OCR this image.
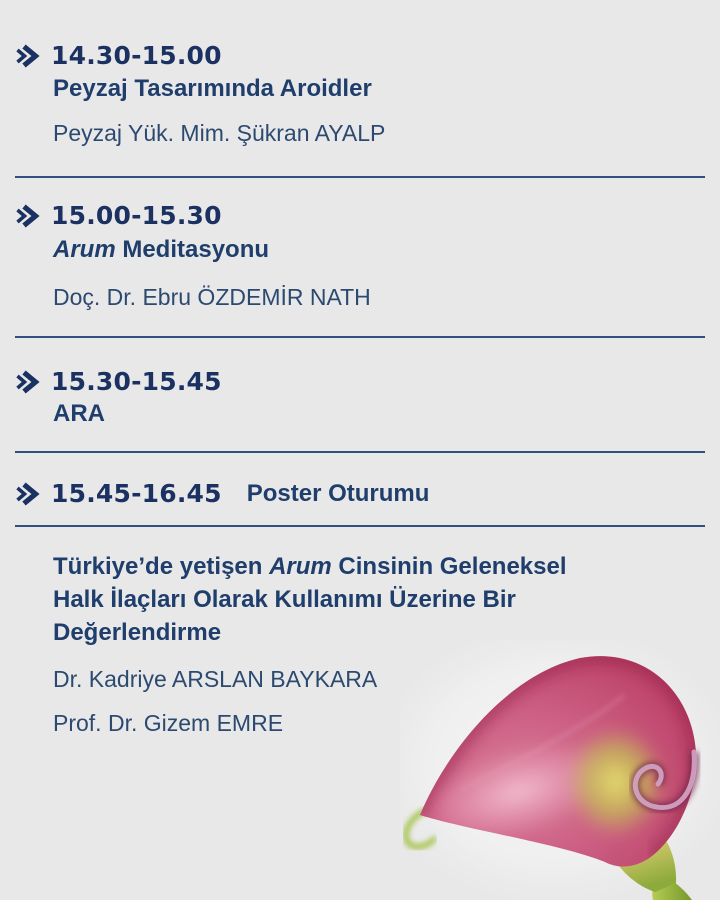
14.30-15.00
Peyzaj Tasarımında Aroidler
Peyzaj Yük. Mim. Şükran AYALP
15.00-15.30
Arum Meditasyonu
Doç. Dr. Ebru ÖZDEMİR NATH
15.30-15.45
ARA
15.45-16.45 Poster Oturumu
Türkiye’de yetişen Arum Cinsinin Geleneksel
Halk İlaçları Olarak Kullanımı Üzerine Bir
Değerlendirme
Dr. Kadriye ARSLAN BAYKARA
Prof. Dr. Gizem EMRE
